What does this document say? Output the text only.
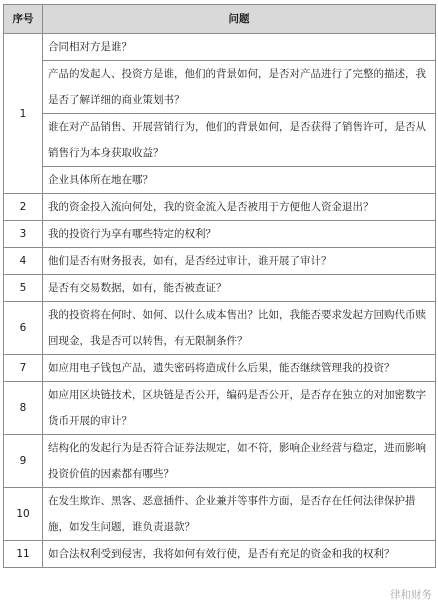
序号	问题
1	合同相对方是谁？
	产品的发起人、投资方是谁，他们的背景如何，是否对产品进行了完整的描述，我是否了解详细的商业策划书？
	谁在对产品销售、开展营销行为，他们的背景如何，是否获得了销售许可，是否从销售行为本身获取收益？
	企业具体所在地在哪？
2	我的资金投入流向何处，我的资金流入是否被用于方便他人资金退出？
3	我的投资行为享有哪些特定的权利？
4	他们是否有财务报表，如有，是否经过审计，谁开展了审计？
5	是否有交易数据，如有，能否被查证？
6	我的投资将在何时、如何、以什么成本售出？比如，我能否要求发起方回购代币赎回现金，我是否可以转售，有无限制条件？
7	如应用电子钱包产品，遗失密码将造成什么后果，能否继续管理我的投资？
8	如应用区块链技术，区块链是否公开，编码是否公开，是否存在独立的对加密数字货币开展的审计？
9	结构化的发起行为是否符合证券法规定，如不符，影响企业经营与稳定，进而影响投资价值的因素都有哪些？
10	在发生欺诈、黑客、恶意插件、企业兼并等事件方面，是否存在任何法律保护措施，如发生问题，谁负责退款？
11	如合法权利受到侵害，我将如何有效行使，是否有充足的资金和我的权利？
律和财务
